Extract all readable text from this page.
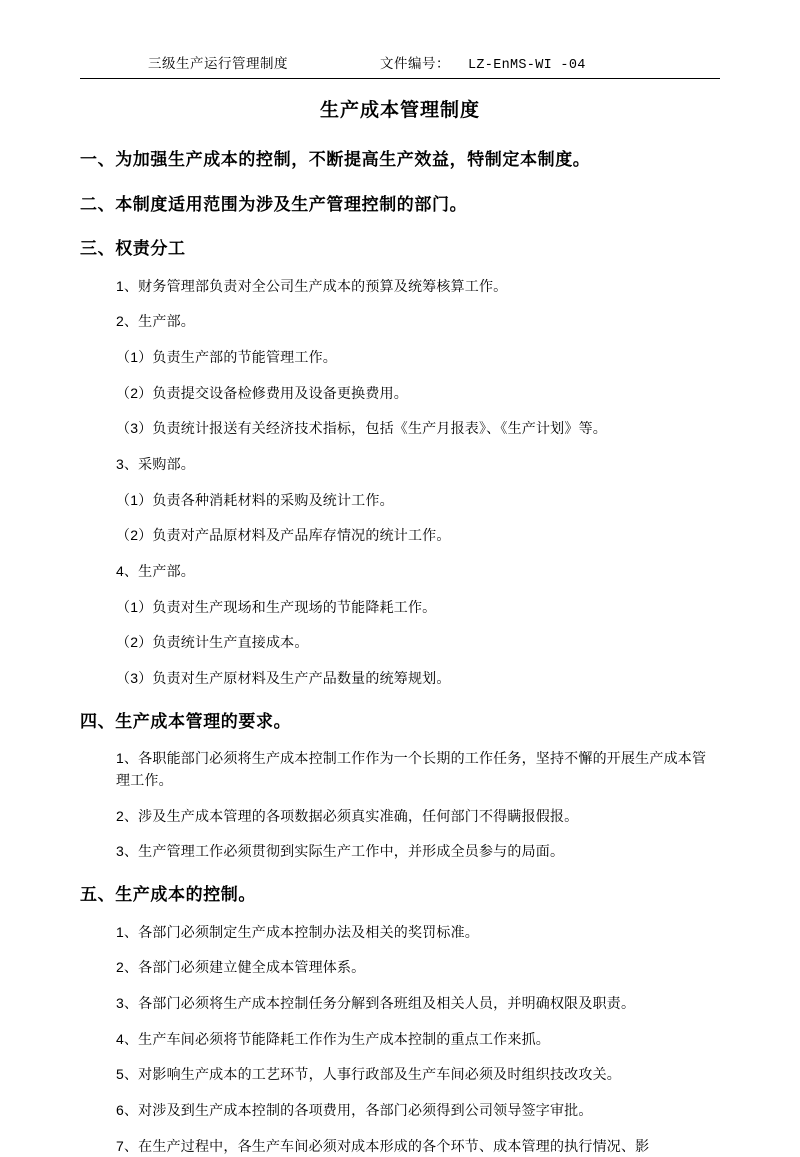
三级生产运行管理制度	文件编号： LZ-EnMS-WI -04
生产成本管理制度
一、为加强生产成本的控制，不断提高生产效益，特制定本制度。
二、本制度适用范围为涉及生产管理控制的部门。
三、权责分工
1、财务管理部负责对全公司生产成本的预算及统筹核算工作。
2、生产部。
（1）负责生产部的节能管理工作。
（2）负责提交设备检修费用及设备更换费用。
（3）负责统计报送有关经济技术指标，包括《生产月报表》、《生产计划》等。
3、采购部。
（1）负责各种消耗材料的采购及统计工作。
（2）负责对产品原材料及产品库存情况的统计工作。
4、生产部。
（1）负责对生产现场和生产现场的节能降耗工作。
（2）负责统计生产直接成本。
（3）负责对生产原材料及生产产品数量的统筹规划。
四、生产成本管理的要求。
1、各职能部门必须将生产成本控制工作作为一个长期的工作任务，坚持不懈的开展生产成本管理工作。
2、涉及生产成本管理的各项数据必须真实准确，任何部门不得瞒报假报。
3、生产管理工作必须贯彻到实际生产工作中，并形成全员参与的局面。
五、生产成本的控制。
1、各部门必须制定生产成本控制办法及相关的奖罚标准。
2、各部门必须建立健全成本管理体系。
3、各部门必须将生产成本控制任务分解到各班组及相关人员，并明确权限及职责。
4、生产车间必须将节能降耗工作作为生产成本控制的重点工作来抓。
5、对影响生产成本的工艺环节，人事行政部及生产车间必须及时组织技改攻关。
6、对涉及到生产成本控制的各项费用，各部门必须得到公司领导签字审批。
7、在生产过程中，各生产车间必须对成本形成的各个环节、成本管理的执行情况、影
